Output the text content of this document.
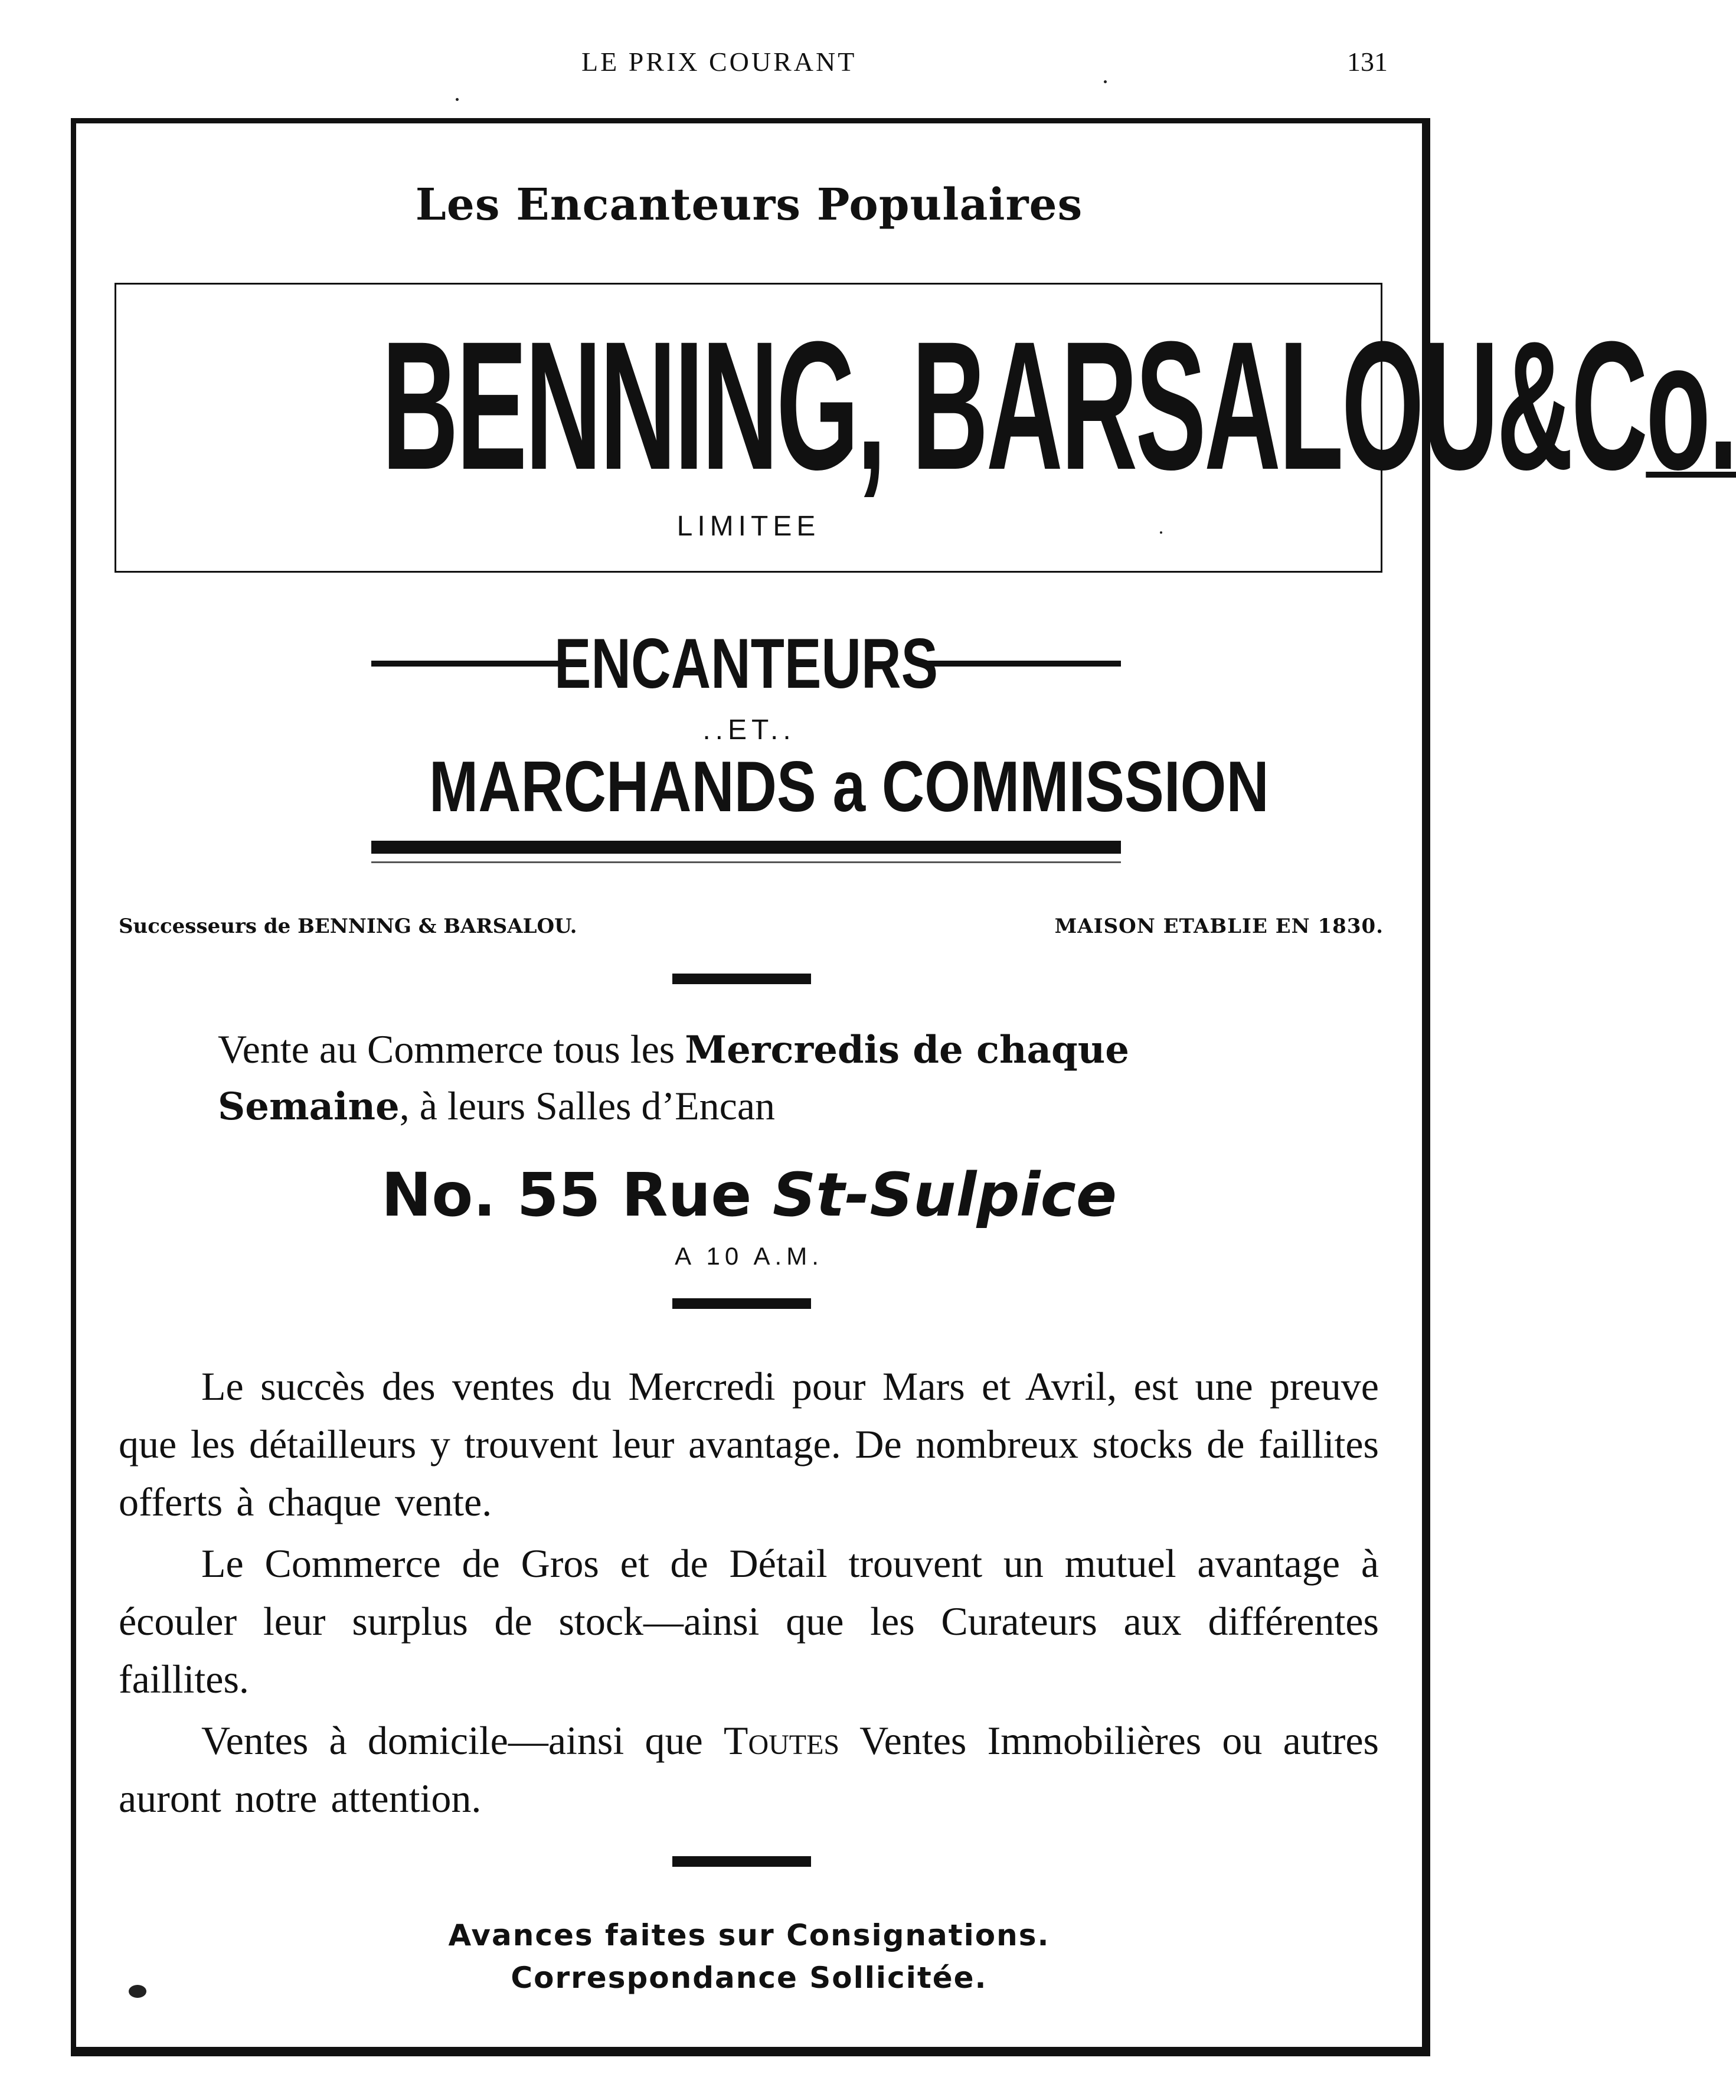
LE PRIX COURANT	131
Les Encanteurs Populaires
BENNING, BARSALOU&Co.
LIMITEE
ENCANTEURS
..ET..
MARCHANDS a COMMISSION
Successeurs de BENNING & BARSALOU.	MAISON ETABLIE EN 1830.
Vente au Commerce tous les Mercredis de chaque
Semaine, à leurs Salles d’Encan
No. 55 Rue St-Sulpice
A 10 A.M.

Le succès des ventes du Mercredi pour Mars et Avril, est une preuve que les détailleurs y trouvent leur avantage. De nombreux stocks de faillites offerts à chaque vente.

Le Commerce de Gros et de Détail trouvent un mutuel avantage à écouler leur surplus de stock—ainsi que les Curateurs aux différentes faillites.

Ventes à domicile—ainsi que Toutes Ventes Immobilières ou autres auront notre attention.

Avances faites sur Consignations.
Correspondance Sollicitée.
